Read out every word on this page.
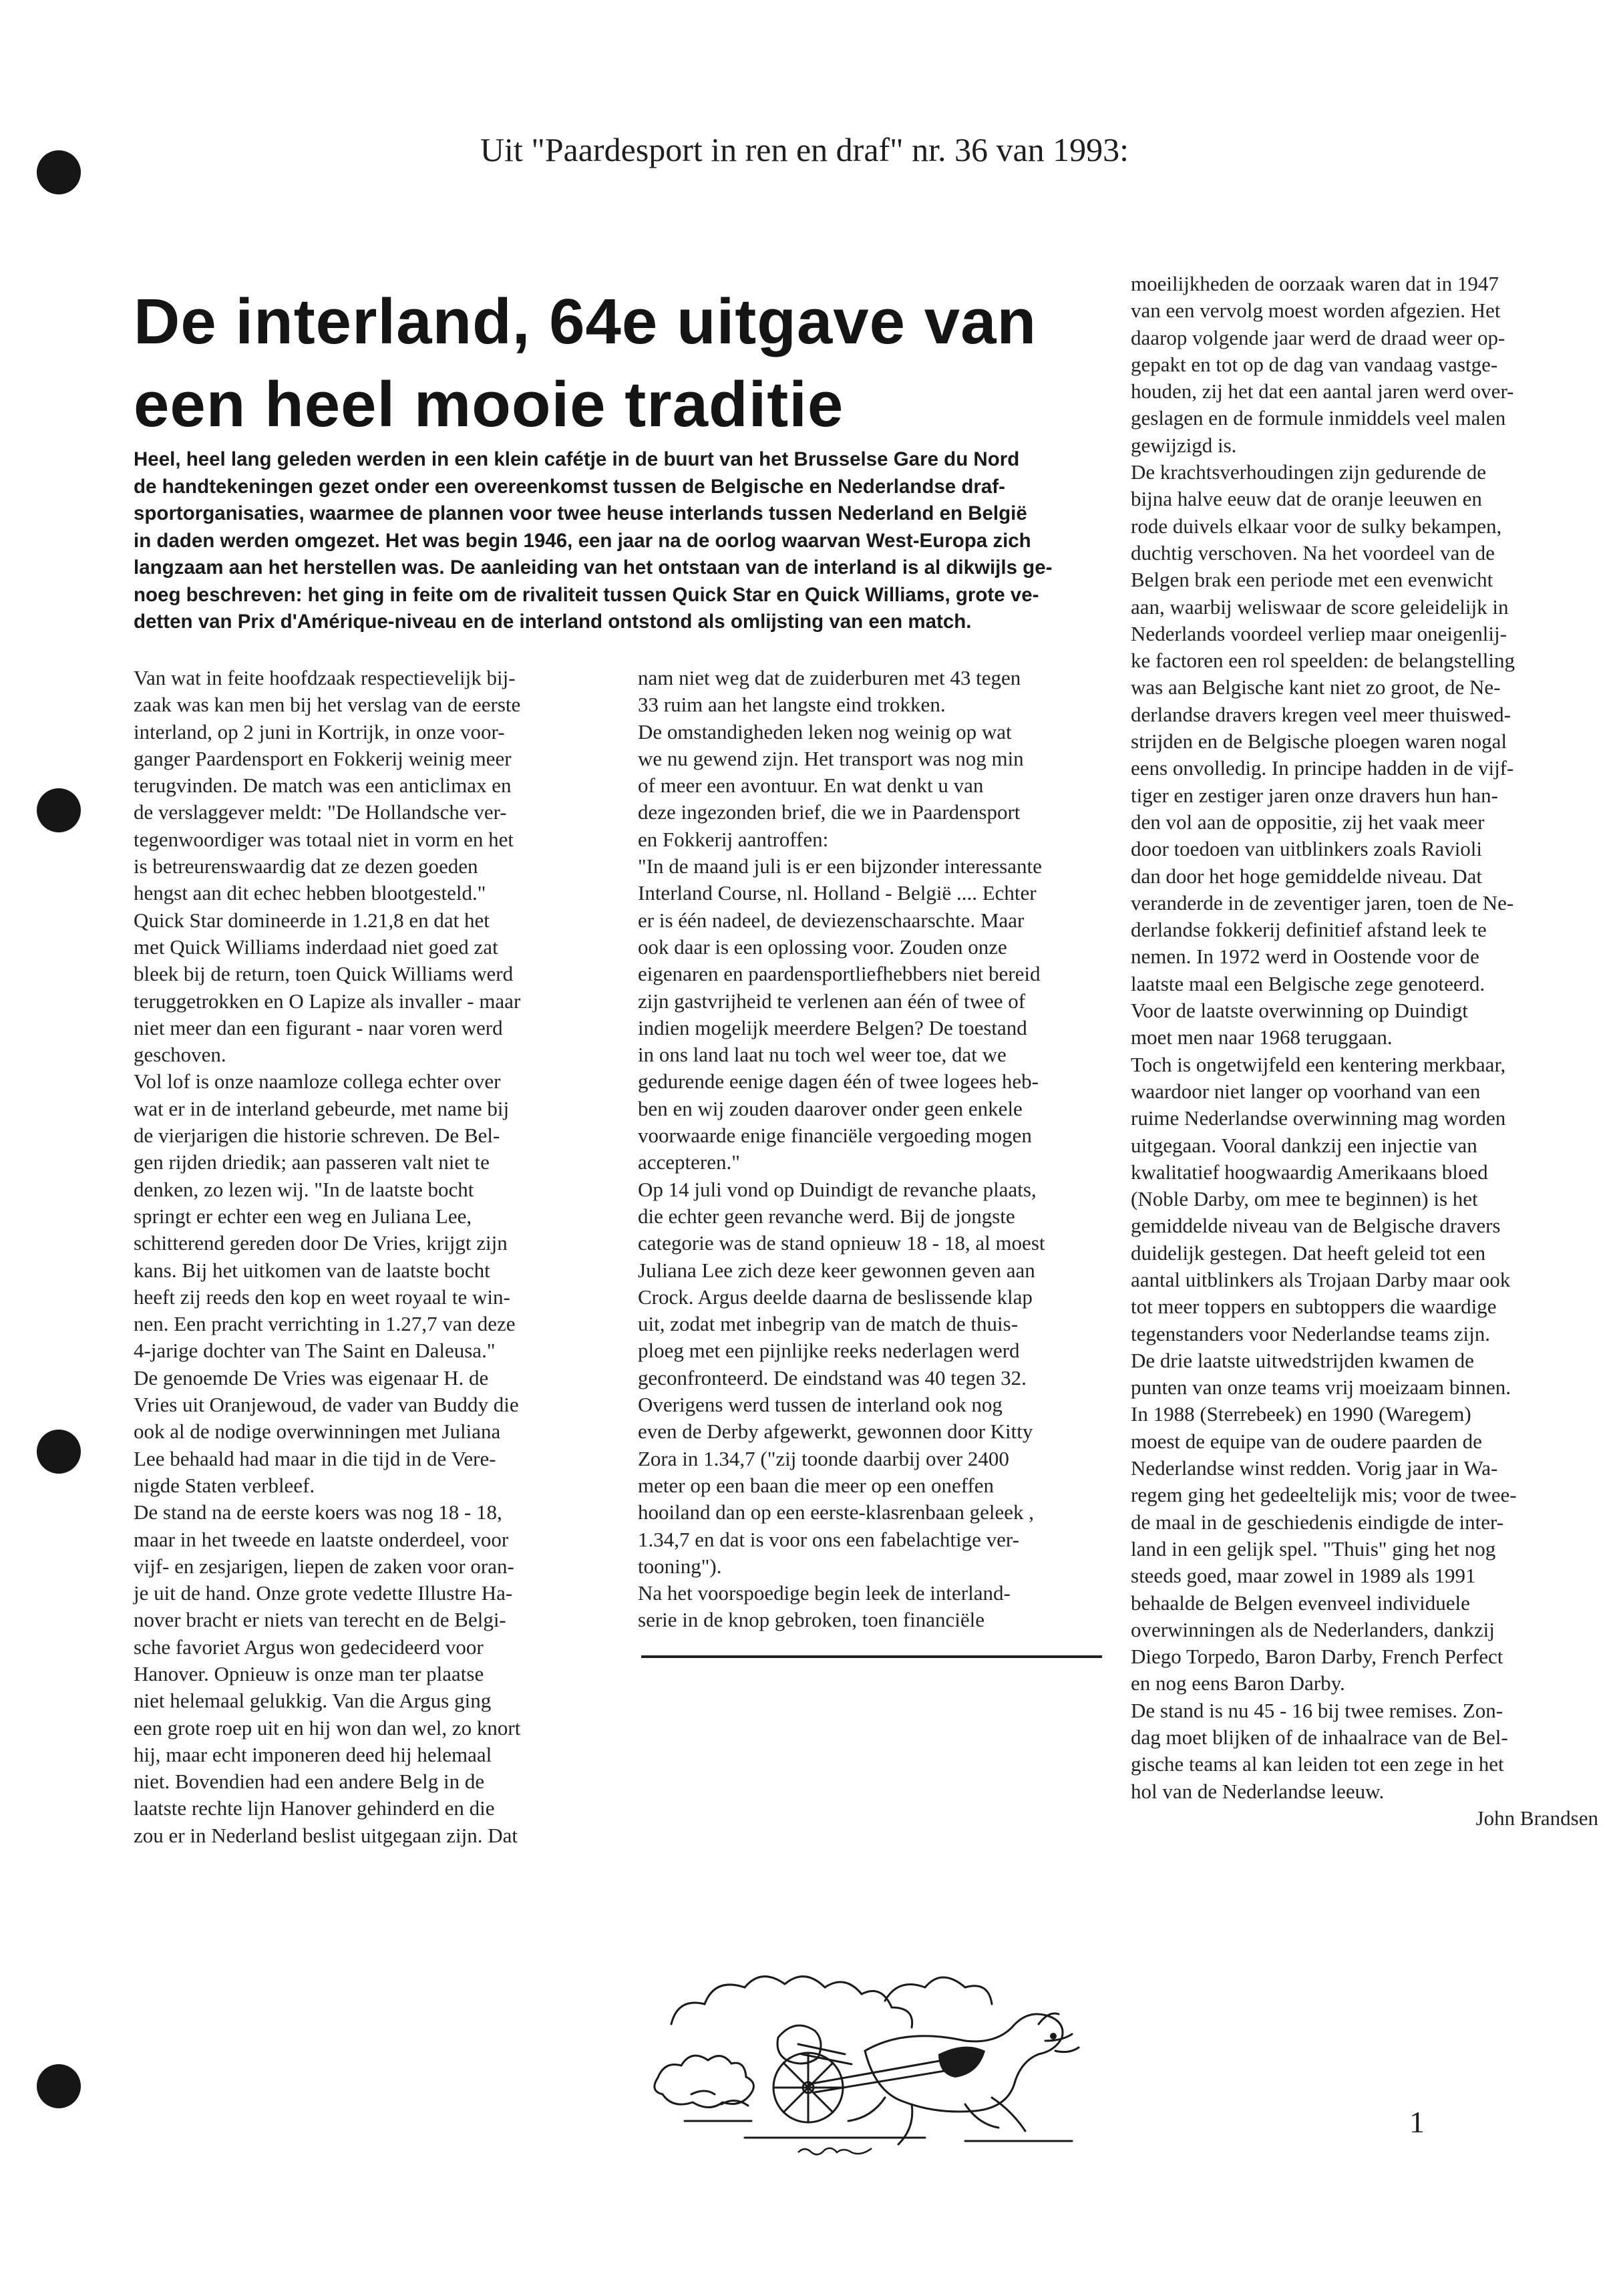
Uit "Paardesport in ren en draf" nr. 36 van 1993:
De interland, 64e uitgave van
een heel mooie traditie
Heel, heel lang geleden werden in een klein cafétje in de buurt van het Brusselse Gare du Nord
de handtekeningen gezet onder een overeenkomst tussen de Belgische en Nederlandse draf-
sportorganisaties, waarmee de plannen voor twee heuse interlands tussen Nederland en België
in daden werden omgezet. Het was begin 1946, een jaar na de oorlog waarvan West-Europa zich
langzaam aan het herstellen was. De aanleiding van het ontstaan van de interland is al dikwijls ge-
noeg beschreven: het ging in feite om de rivaliteit tussen Quick Star en Quick Williams, grote ve-
detten van Prix d'Amérique-niveau en de interland ontstond als omlijsting van een match.
Van wat in feite hoofdzaak respectievelijk bij-
zaak was kan men bij het verslag van de eerste
interland, op 2 juni in Kortrijk, in onze voor-
ganger Paardensport en Fokkerij weinig meer
terugvinden. De match was een anticlimax en
de verslaggever meldt: "De Hollandsche ver-
tegenwoordiger was totaal niet in vorm en het
is betreurenswaardig dat ze dezen goeden
hengst aan dit echec hebben blootgesteld."
Quick Star domineerde in 1.21,8 en dat het
met Quick Williams inderdaad niet goed zat
bleek bij de return, toen Quick Williams werd
teruggetrokken en O Lapize als invaller - maar
niet meer dan een figurant - naar voren werd
geschoven.
Vol lof is onze naamloze collega echter over
wat er in de interland gebeurde, met name bij
de vierjarigen die historie schreven. De Bel-
gen rijden driedik; aan passeren valt niet te
denken, zo lezen wij. "In de laatste bocht
springt er echter een weg en Juliana Lee,
schitterend gereden door De Vries, krijgt zijn
kans. Bij het uitkomen van de laatste bocht
heeft zij reeds den kop en weet royaal te win-
nen. Een pracht verrichting in 1.27,7 van deze
4-jarige dochter van The Saint en Daleusa."
De genoemde De Vries was eigenaar H. de
Vries uit Oranjewoud, de vader van Buddy die
ook al de nodige overwinningen met Juliana
Lee behaald had maar in die tijd in de Vere-
nigde Staten verbleef.
De stand na de eerste koers was nog 18 - 18,
maar in het tweede en laatste onderdeel, voor
vijf- en zesjarigen, liepen de zaken voor oran-
je uit de hand. Onze grote vedette Illustre Ha-
nover bracht er niets van terecht en de Belgi-
sche favoriet Argus won gedecideerd voor
Hanover. Opnieuw is onze man ter plaatse
niet helemaal gelukkig. Van die Argus ging
een grote roep uit en hij won dan wel, zo knort
hij, maar echt imponeren deed hij helemaal
niet. Bovendien had een andere Belg in de
laatste rechte lijn Hanover gehinderd en die
zou er in Nederland beslist uitgegaan zijn. Dat
nam niet weg dat de zuiderburen met 43 tegen
33 ruim aan het langste eind trokken.
De omstandigheden leken nog weinig op wat
we nu gewend zijn. Het transport was nog min
of meer een avontuur. En wat denkt u van
deze ingezonden brief, die we in Paardensport
en Fokkerij aantroffen:
"In de maand juli is er een bijzonder interessante
Interland Course, nl. Holland - België .... Echter
er is één nadeel, de deviezenschaarschte. Maar
ook daar is een oplossing voor. Zouden onze
eigenaren en paardensportliefhebbers niet bereid
zijn gastvrijheid te verlenen aan één of twee of
indien mogelijk meerdere Belgen? De toestand
in ons land laat nu toch wel weer toe, dat we
gedurende eenige dagen één of twee logees heb-
ben en wij zouden daarover onder geen enkele
voorwaarde enige financiële vergoeding mogen
accepteren."
Op 14 juli vond op Duindigt de revanche plaats,
die echter geen revanche werd. Bij de jongste
categorie was de stand opnieuw 18 - 18, al moest
Juliana Lee zich deze keer gewonnen geven aan
Crock. Argus deelde daarna de beslissende klap
uit, zodat met inbegrip van de match de thuis-
ploeg met een pijnlijke reeks nederlagen werd
geconfronteerd. De eindstand was 40 tegen 32.
Overigens werd tussen de interland ook nog
even de Derby afgewerkt, gewonnen door Kitty
Zora in 1.34,7 ("zij toonde daarbij over 2400
meter op een baan die meer op een oneffen
hooiland dan op een eerste-klasrenbaan geleek ,
1.34,7 en dat is voor ons een fabelachtige ver-
tooning").
Na het voorspoedige begin leek de interland-
serie in de knop gebroken, toen financiële
moeilijkheden de oorzaak waren dat in 1947
van een vervolg moest worden afgezien. Het
daarop volgende jaar werd de draad weer op-
gepakt en tot op de dag van vandaag vastge-
houden, zij het dat een aantal jaren werd over-
geslagen en de formule inmiddels veel malen
gewijzigd is.
De krachtsverhoudingen zijn gedurende de
bijna halve eeuw dat de oranje leeuwen en
rode duivels elkaar voor de sulky bekampen,
duchtig verschoven. Na het voordeel van de
Belgen brak een periode met een evenwicht
aan, waarbij weliswaar de score geleidelijk in
Nederlands voordeel verliep maar oneigenlij-
ke factoren een rol speelden: de belangstelling
was aan Belgische kant niet zo groot, de Ne-
derlandse dravers kregen veel meer thuiswed-
strijden en de Belgische ploegen waren nogal
eens onvolledig. In principe hadden in de vijf-
tiger en zestiger jaren onze dravers hun han-
den vol aan de oppositie, zij het vaak meer
door toedoen van uitblinkers zoals Ravioli
dan door het hoge gemiddelde niveau. Dat
veranderde in de zeventiger jaren, toen de Ne-
derlandse fokkerij definitief afstand leek te
nemen. In 1972 werd in Oostende voor de
laatste maal een Belgische zege genoteerd.
Voor de laatste overwinning op Duindigt
moet men naar 1968 teruggaan.
Toch is ongetwijfeld een kentering merkbaar,
waardoor niet langer op voorhand van een
ruime Nederlandse overwinning mag worden
uitgegaan. Vooral dankzij een injectie van
kwalitatief hoogwaardig Amerikaans bloed
(Noble Darby, om mee te beginnen) is het
gemiddelde niveau van de Belgische dravers
duidelijk gestegen. Dat heeft geleid tot een
aantal uitblinkers als Trojaan Darby maar ook
tot meer toppers en subtoppers die waardige
tegenstanders voor Nederlandse teams zijn.
De drie laatste uitwedstrijden kwamen de
punten van onze teams vrij moeizaam binnen.
In 1988 (Sterrebeek) en 1990 (Waregem)
moest de equipe van de oudere paarden de
Nederlandse winst redden. Vorig jaar in Wa-
regem ging het gedeeltelijk mis; voor de twee-
de maal in de geschiedenis eindigde de inter-
land in een gelijk spel. "Thuis" ging het nog
steeds goed, maar zowel in 1989 als 1991
behaalde de Belgen evenveel individuele
overwinningen als de Nederlanders, dankzij
Diego Torpedo, Baron Darby, French Perfect
en nog eens Baron Darby.
De stand is nu 45 - 16 bij twee remises. Zon-
dag moet blijken of de inhaalrace van de Bel-
gische teams al kan leiden tot een zege in het
hol van de Nederlandse leeuw.
John Brandsen
1
